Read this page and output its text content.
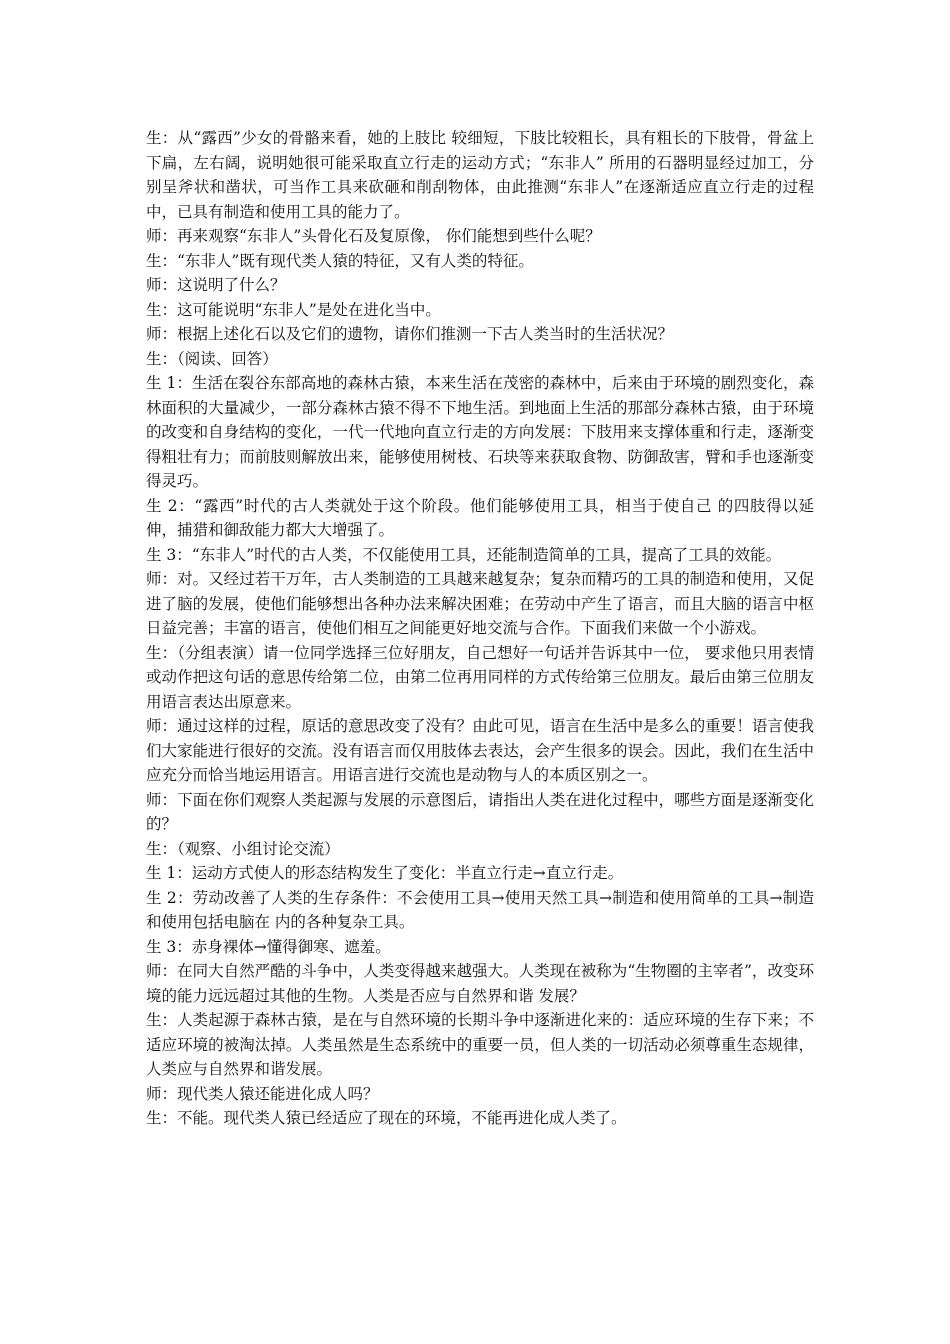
生：从“露西”少女的骨骼来看，她的上肢比 较细短，下肢比较粗长，具有粗长的下肢骨，骨盆上下扁，左右阔，说明她很可能采取直立行走的运动方式；“东非人” 所用的石器明显经过加工，分别呈斧状和凿状，可当作工具来砍砸和削刮物体，由此推测“东非人”在逐渐适应直立行走的过程中，已具有制造和使用工具的能力了。

师：再来观察“东非人”头骨化石及复原像， 你们能想到些什么呢？

生：“东非人”既有现代类人猿的特征，又有人类的特征。

师：这说明了什么？

生：这可能说明“东非人”是处在进化当中。

师：根据上述化石以及它们的遗物，请你们推测一下古人类当时的生活状况？

生：（阅读、回答）

生 1：生活在裂谷东部高地的森林古猿，本来生活在茂密的森林中，后来由于环境的剧烈变化，森林面积的大量减少，一部分森林古猿不得不下地生活。到地面上生活的那部分森林古猿，由于环境的改变和自身结构的变化，一代一代地向直立行走的方向发展：下肢用来支撑体重和行走，逐渐变得粗壮有力；而前肢则解放出来，能够使用树枝、石块等来获取食物、防御敌害，臂和手也逐渐变得灵巧。

生 2：“露西”时代的古人类就处于这个阶段。他们能够使用工具，相当于使自己 的四肢得以延伸，捕猎和御敌能力都大大增强了。

生 3：“东非人”时代的古人类，不仅能使用工具，还能制造简单的工具，提高了工具的效能。

师：对。又经过若干万年，古人类制造的工具越来越复杂；复杂而精巧的工具的制造和使用，又促进了脑的发展，使他们能够想出各种办法来解决困难；在劳动中产生了语言，而且大脑的语言中枢日益完善；丰富的语言，使他们相互之间能更好地交流与合作。下面我们来做一个小游戏。

生：（分组表演）请一位同学选择三位好朋友，自己想好一句话并告诉其中一位， 要求他只用表情或动作把这句话的意思传给第二位，由第二位再用同样的方式传给第三位朋友。最后由第三位朋友用语言表达出原意来。

师：通过这样的过程，原话的意思改变了没有？由此可见，语言在生活中是多么的重要！语言使我们大家能进行很好的交流。没有语言而仅用肢体去表达，会产生很多的误会。因此，我们在生活中应充分而恰当地运用语言。用语言进行交流也是动物与人的本质区别之一。

师：下面在你们观察人类起源与发展的示意图后，请指出人类在进化过程中，哪些方面是逐渐变化的？

生：（观察、小组讨论交流）

生 1：运动方式使人的形态结构发生了变化：半直立行走→直立行走。

生 2：劳动改善了人类的生存条件：不会使用工具→使用天然工具→制造和使用简单的工具→制造和使用包括电脑在 内的各种复杂工具。

生 3：赤身裸体→懂得御寒、遮羞。

师：在同大自然严酷的斗争中，人类变得越来越强大。人类现在被称为“生物圈的主宰者”，改变环境的能力远远超过其他的生物。人类是否应与自然界和谐 发展？

生：人类起源于森林古猿，是在与自然环境的长期斗争中逐渐进化来的：适应环境的生存下来；不适应环境的被淘汰掉。人类虽然是生态系统中的重要一员，但人类的一切活动必须尊重生态规律，人类应与自然界和谐发展。

师：现代类人猿还能进化成人吗？

生：不能。现代类人猿已经适应了现在的环境，不能再进化成人类了。
